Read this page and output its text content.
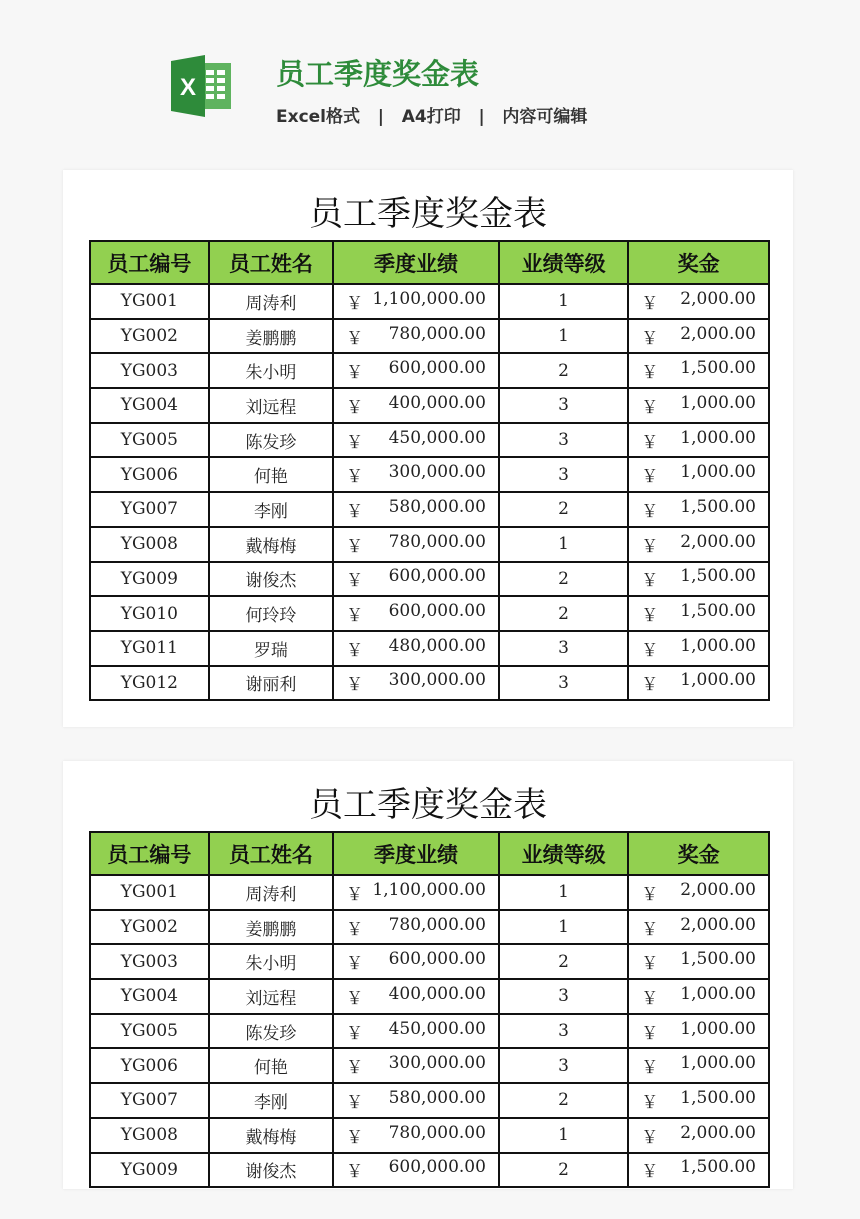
X	员工季度奖金表
Excel格式   |   A4打印   |   内容可编辑
员工季度奖金表
员工编号	员工姓名	季度业绩	业绩等级	奖金
YG001	周涛利	￥ 1,100,000.00	1	￥ 2,000.00

YG002	姜鹏鹏	￥ 780,000.00	1	￥ 2,000.00

YG003	朱小明	￥ 600,000.00	2	￥ 1,500.00

YG004	刘远程	￥ 400,000.00	3	￥ 1,000.00

YG005	陈发珍	￥ 450,000.00	3	￥ 1,000.00

YG006	何艳	￥ 300,000.00	3	￥ 1,000.00

YG007	李刚	￥ 580,000.00	2	￥ 1,500.00

YG008	戴梅梅	￥ 780,000.00	1	￥ 2,000.00

YG009	谢俊杰	￥ 600,000.00	2	￥ 1,500.00

YG010	何玲玲	￥ 600,000.00	2	￥ 1,500.00

YG011	罗瑞	￥ 480,000.00	3	￥ 1,000.00

YG012	谢丽利	￥ 300,000.00	3	￥ 1,000.00
员工季度奖金表
员工编号	员工姓名	季度业绩	业绩等级	奖金
YG001	周涛利	￥ 1,100,000.00	1	￥ 2,000.00

YG002	姜鹏鹏	￥ 780,000.00	1	￥ 2,000.00

YG003	朱小明	￥ 600,000.00	2	￥ 1,500.00

YG004	刘远程	￥ 400,000.00	3	￥ 1,000.00

YG005	陈发珍	￥ 450,000.00	3	￥ 1,000.00

YG006	何艳	￥ 300,000.00	3	￥ 1,000.00

YG007	李刚	￥ 580,000.00	2	￥ 1,500.00

YG008	戴梅梅	￥ 780,000.00	1	￥ 2,000.00

YG009	谢俊杰	￥ 600,000.00	2	￥ 1,500.00
